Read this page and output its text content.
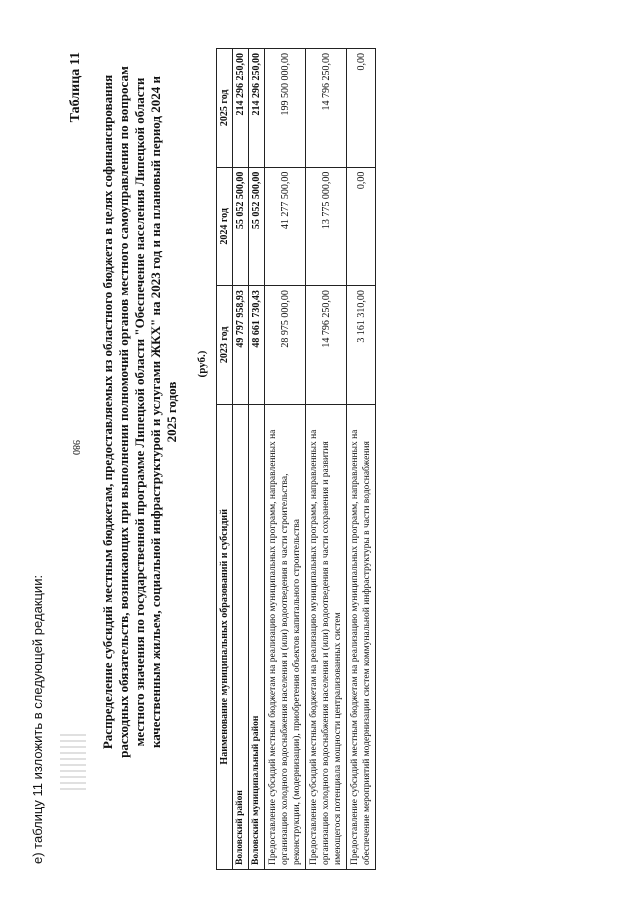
980
е) таблицу 11 изложить в следующей редакции:
Таблица 11 Распределение субсидий местным бюджетам, предоставляемых из областного бюджета в целях софинансирования расходных обязательств, возникающих при выполнении полномочий органов местного самоуправления по вопросам местного значения по государственной программе Липецкой области "Обеспечение населения Липецкой области качественным жильем, социальной инфраструктурой и услугами ЖКХ" на 2023 год и на плановый период 2024 и 2025 годов
(руб.)
Наименование муниципальных образований и субсидий	2023 год	2024 год	2025 год
Воловский район	49 797 958,93	55 052 500,00	214 296 250,00
Воловский муниципальный район	48 661 730,43	55 052 500,00	214 296 250,00
Предоставление субсидий местным бюджетам на реализацию муниципальных программ, направленных на организацию холодного водоснабжения населения и (или) водоотведения в части строительства, реконструкции, (модернизации), приобретения объектов капитального строительства	28 975 000,00	41 277 500,00	199 500 000,00
Предоставление субсидий местным бюджетам на реализацию муниципальных программ, направленных на организацию холодного водоснабжения населения и (или) водоотведения в части сохранения и развития имеющегося потенциала мощности централизованных систем	14 796 250,00	13 775 000,00	14 796 250,00
Предоставление субсидий местным бюджетам на реализацию муниципальных программ, направленных на обеспечение мероприятий модернизации систем коммунальной инфраструктуры в части водоснабжения	3 161 310,00	0,00	0,00
